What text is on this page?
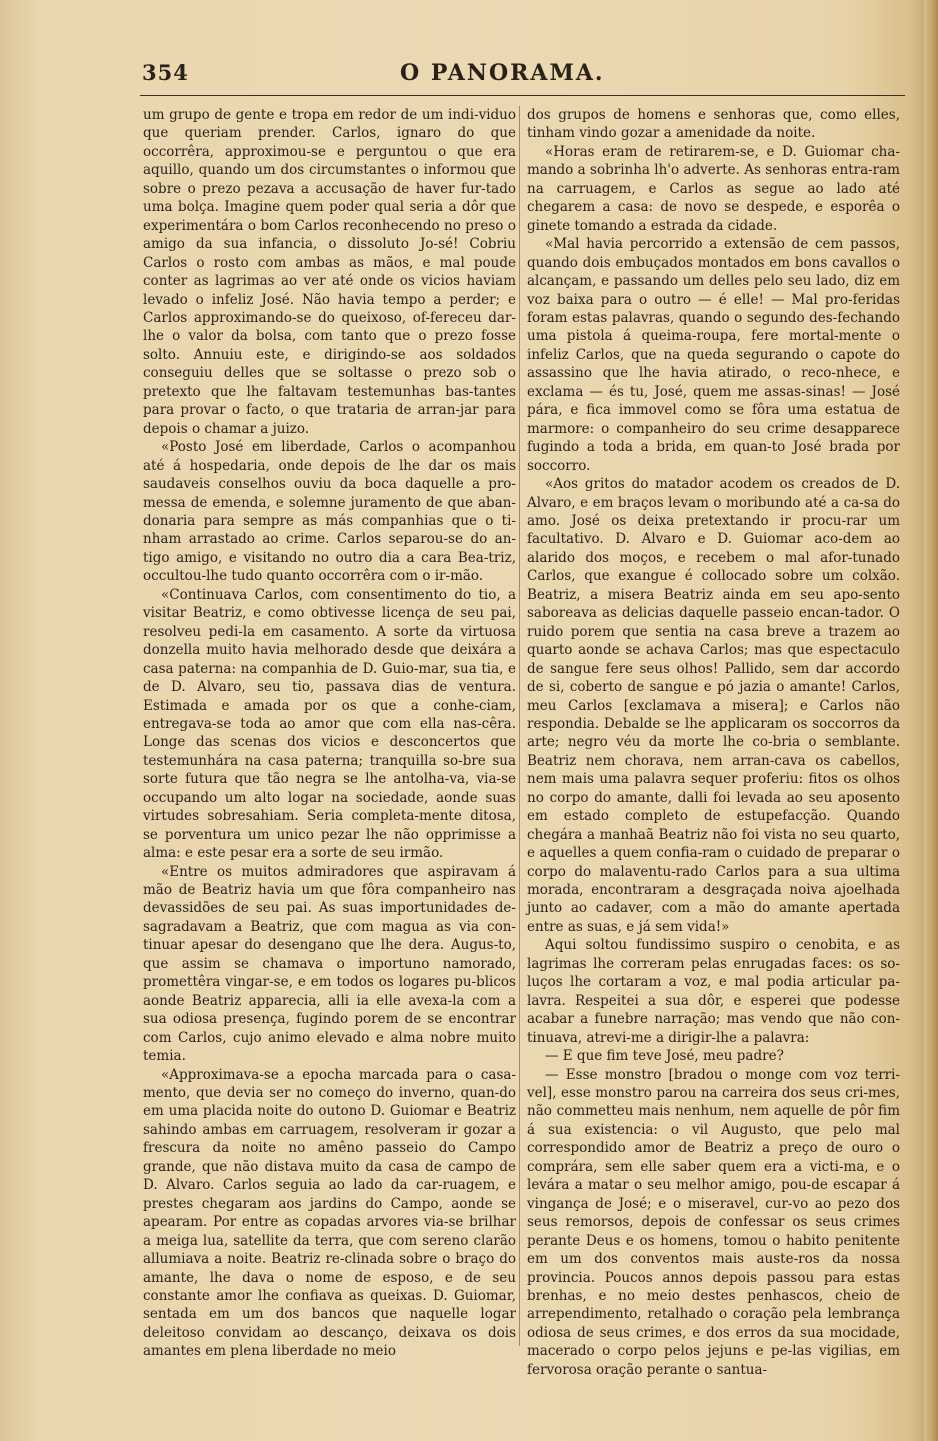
354	O PANORAMA.

um grupo de gente e tropa em redor de um indi-viduo que queriam prender. Carlos, ignaro do que occorrêra, approximou-se e perguntou o que era aquillo, quando um dos circumstantes o informou que sobre o prezo pezava a accusação de haver fur-tado uma bolça. Imagine quem poder qual seria a dôr que experimentára o bom Carlos reconhecendo no preso o amigo da sua infancia, o dissoluto Jo-sé! Cobriu Carlos o rosto com ambas as mãos, e mal poude conter as lagrimas ao ver até onde os vicios haviam levado o infeliz José. Não havia tempo a perder; e Carlos approximando-se do queixoso, of-fereceu dar-lhe o valor da bolsa, com tanto que o prezo fosse solto. Annuiu este, e dirigindo-se aos soldados conseguiu delles que se soltasse o prezo sob o pretexto que lhe faltavam testemunhas bas-tantes para provar o facto, o que trataria de arran-jar para depois o chamar a juizo.

«Posto José em liberdade, Carlos o acompanhou até á hospedaria, onde depois de lhe dar os mais saudaveis conselhos ouviu da boca daquelle a pro-messa de emenda, e solemne juramento de que aban-donaria para sempre as más companhias que o ti-nham arrastado ao crime. Carlos separou-se do an-tigo amigo, e visitando no outro dia a cara Bea-triz, occultou-lhe tudo quanto occorrêra com o ir-mão.

«Continuava Carlos, com consentimento do tio, a visitar Beatriz, e como obtivesse licença de seu pai, resolveu pedi-la em casamento. A sorte da virtuosa donzella muito havia melhorado desde que deixára a casa paterna: na companhia de D. Guio-mar, sua tia, e de D. Alvaro, seu tio, passava dias de ventura. Estimada e amada por os que a conhe-ciam, entregava-se toda ao amor que com ella nas-cêra. Longe das scenas dos vicios e desconcertos que testemunhára na casa paterna; tranquilla so-bre sua sorte futura que tão negra se lhe antolha-va, via-se occupando um alto logar na sociedade, aonde suas virtudes sobresahiam. Seria completa-mente ditosa, se porventura um unico pezar lhe não opprimisse a alma: e este pesar era a sorte de seu irmão.

«Entre os muitos admiradores que aspiravam á mão de Beatriz havia um que fôra companheiro nas devassidões de seu pai. As suas importunidades de-sagradavam a Beatriz, que com magua as via con-tinuar apesar do desengano que lhe dera. Augus-to, que assim se chamava o importuno namorado, promettêra vingar-se, e em todos os logares pu-blicos aonde Beatriz apparecia, alli ia elle avexa-la com a sua odiosa presença, fugindo porem de se encontrar com Carlos, cujo animo elevado e alma nobre muito temia.

«Approximava-se a epocha marcada para o casa-mento, que devia ser no começo do inverno, quan-do em uma placida noite do outono D. Guiomar e Beatriz sahindo ambas em carruagem, resolveram ir gozar a frescura da noite no amêno passeio do Campo grande, que não distava muito da casa de campo de D. Alvaro. Carlos seguia ao lado da car-ruagem, e prestes chegaram aos jardins do Campo, aonde se apearam. Por entre as copadas arvores via-se brilhar a meiga lua, satellite da terra, que com sereno clarão allumiava a noite. Beatriz re-clinada sobre o braço do amante, lhe dava o nome de esposo, e de seu constante amor lhe confiava as queixas. D. Guiomar, sentada em um dos bancos que naquelle logar deleitoso convidam ao descanço, deixava os dois amantes em plena liberdade no meio

dos grupos de homens e senhoras que, como elles, tinham vindo gozar a amenidade da noite.

«Horas eram de retirarem-se, e D. Guiomar cha-mando a sobrinha lh'o adverte. As senhoras entra-ram na carruagem, e Carlos as segue ao lado até chegarem a casa: de novo se despede, e esporêa o ginete tomando a estrada da cidade.

«Mal havia percorrido a extensão de cem passos, quando dois embuçados montados em bons cavallos o alcançam, e passando um delles pelo seu lado, diz em voz baixa para o outro — é elle! — Mal pro-feridas foram estas palavras, quando o segundo des-fechando uma pistola á queima-roupa, fere mortal-mente o infeliz Carlos, que na queda segurando o capote do assassino que lhe havia atirado, o reco-nhece, e exclama — és tu, José, quem me assas-sinas! — José pára, e fica immovel como se fôra uma estatua de marmore: o companheiro do seu crime desapparece fugindo a toda a brida, em quan-to José brada por soccorro.

«Aos gritos do matador acodem os creados de D. Alvaro, e em braços levam o moribundo até a ca-sa do amo. José os deixa pretextando ir procu-rar um facultativo. D. Alvaro e D. Guiomar aco-dem ao alarido dos moços, e recebem o mal afor-tunado Carlos, que exangue é collocado sobre um colxão. Beatriz, a misera Beatriz ainda em seu apo-sento saboreava as delicias daquelle passeio encan-tador. O ruido porem que sentia na casa breve a trazem ao quarto aonde se achava Carlos; mas que espectaculo de sangue fere seus olhos! Pallido, sem dar accordo de si, coberto de sangue e pó jazia o amante! Carlos, meu Carlos [exclamava a misera]; e Carlos não respondia. Debalde se lhe applicaram os soccorros da arte; negro véu da morte lhe co-bria o semblante. Beatriz nem chorava, nem arran-cava os cabellos, nem mais uma palavra sequer proferiu: fitos os olhos no corpo do amante, dalli foi levada ao seu aposento em estado completo de estupefacção. Quando chegára a manhaã Beatriz não foi vista no seu quarto, e aquelles a quem confia-ram o cuidado de preparar o corpo do malaventu-rado Carlos para a sua ultima morada, encontraram a desgraçada noiva ajoelhada junto ao cadaver, com a mão do amante apertada entre as suas, e já sem vida!»

Aqui soltou fundissimo suspiro o cenobita, e as lagrimas lhe correram pelas enrugadas faces: os so-luços lhe cortaram a voz, e mal podia articular pa-lavra. Respeitei a sua dôr, e esperei que podesse acabar a funebre narração; mas vendo que não con-tinuava, atrevi-me a dirigir-lhe a palavra:

— E que fim teve José, meu padre?

— Esse monstro [bradou o monge com voz terri-vel], esse monstro parou na carreira dos seus cri-mes, não commetteu mais nenhum, nem aquelle de pôr fim á sua existencia: o vil Augusto, que pelo mal correspondido amor de Beatriz a preço de ouro o comprára, sem elle saber quem era a victi-ma, e o levára a matar o seu melhor amigo, pou-de escapar á vingança de José; e o miseravel, cur-vo ao pezo dos seus remorsos, depois de confessar os seus crimes perante Deus e os homens, tomou o habito penitente em um dos conventos mais auste-ros da nossa provincia. Poucos annos depois passou para estas brenhas, e no meio destes penhascos, cheio de arrependimento, retalhado o coração pela lembrança odiosa de seus crimes, e dos erros da sua mocidade, macerado o corpo pelos jejuns e pe-las vigilias, em fervorosa oração perante o santua-
